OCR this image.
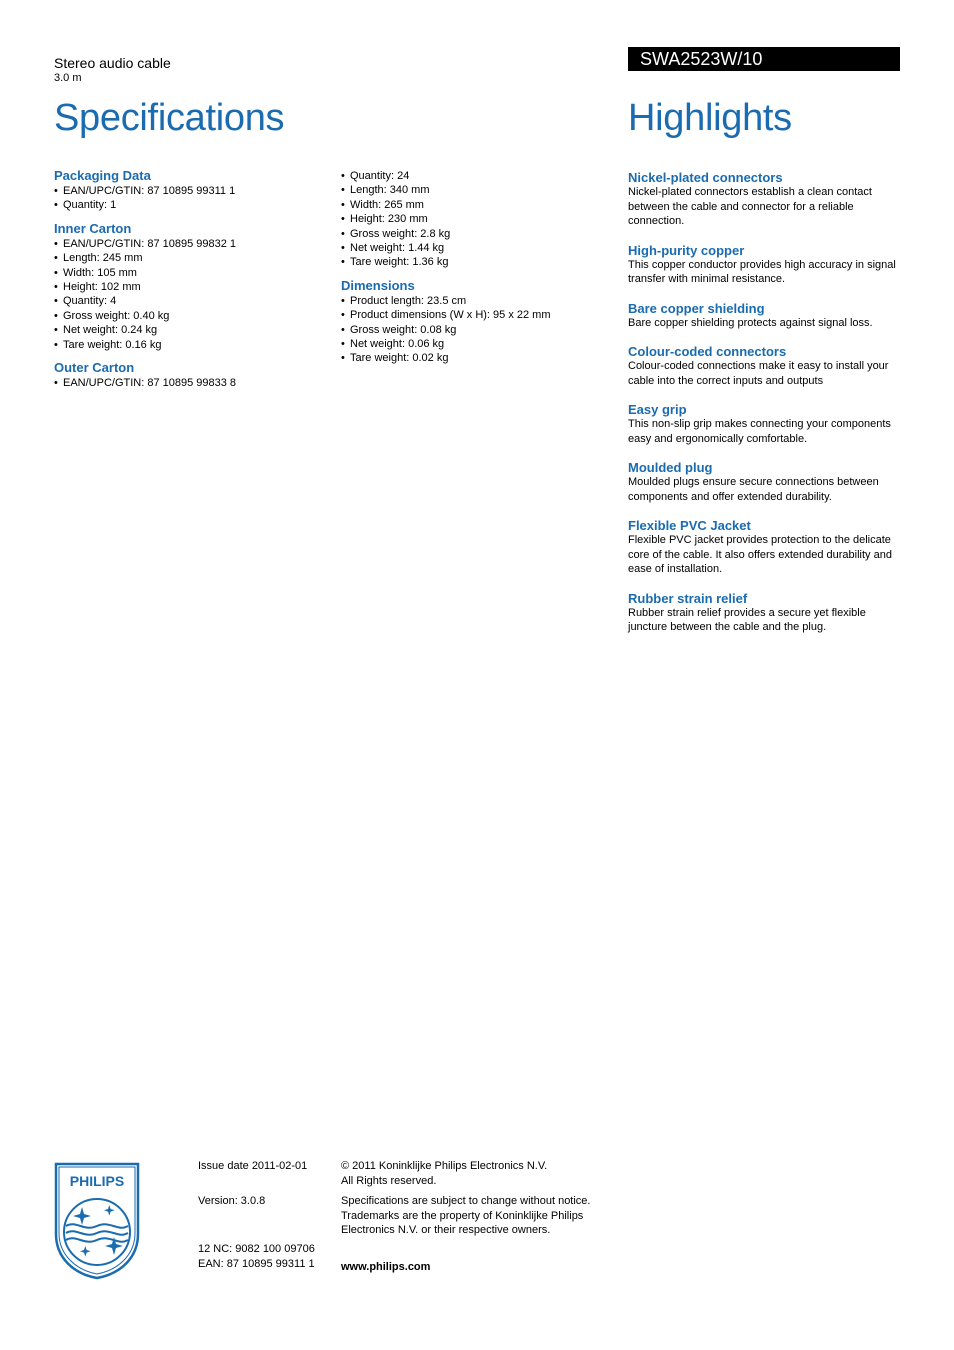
Stereo audio cable
3.0 m
Specifications
SWA2523W/10
Highlights
Packaging Data
• EAN/UPC/GTIN: 87 10895 99311 1
• Quantity: 1
Inner Carton
• EAN/UPC/GTIN: 87 10895 99832 1
• Length: 245 mm
• Width: 105 mm
• Height: 102 mm
• Quantity: 4
• Gross weight: 0.40 kg
• Net weight: 0.24 kg
• Tare weight: 0.16 kg
Outer Carton
• EAN/UPC/GTIN: 87 10895 99833 8
• Quantity: 24
• Length: 340 mm
• Width: 265 mm
• Height: 230 mm
• Gross weight: 2.8 kg
• Net weight: 1.44 kg
• Tare weight: 1.36 kg
Dimensions
• Product length: 23.5 cm
• Product dimensions (W x H): 95 x 22 mm
• Gross weight: 0.08 kg
• Net weight: 0.06 kg
• Tare weight: 0.02 kg
Nickel-plated connectors
Nickel-plated connectors establish a clean contact between the cable and connector for a reliable connection.
High-purity copper
This copper conductor provides high accuracy in signal transfer with minimal resistance.
Bare copper shielding
Bare copper shielding protects against signal loss.
Colour-coded connectors
Colour-coded connections make it easy to install your cable into the correct inputs and outputs
Easy grip
This non-slip grip makes connecting your components easy and ergonomically comfortable.
Moulded plug
Moulded plugs ensure secure connections between components and offer extended durability.
Flexible PVC Jacket
Flexible PVC jacket provides protection to the delicate core of the cable. It also offers extended durability and ease of installation.
Rubber strain relief
Rubber strain relief provides a secure yet flexible juncture between the cable and the plug.
PHILIPS

Issue date 2011-02-01

Version: 3.0.8

12 NC: 9082 100 09706

EAN: 87 10895 99311 1

© 2011 Koninklijke Philips Electronics N.V.

All Rights reserved.

Specifications are subject to change without notice.

Trademarks are the property of Koninklijke Philips

Electronics N.V. or their respective owners.

www.philips.com
